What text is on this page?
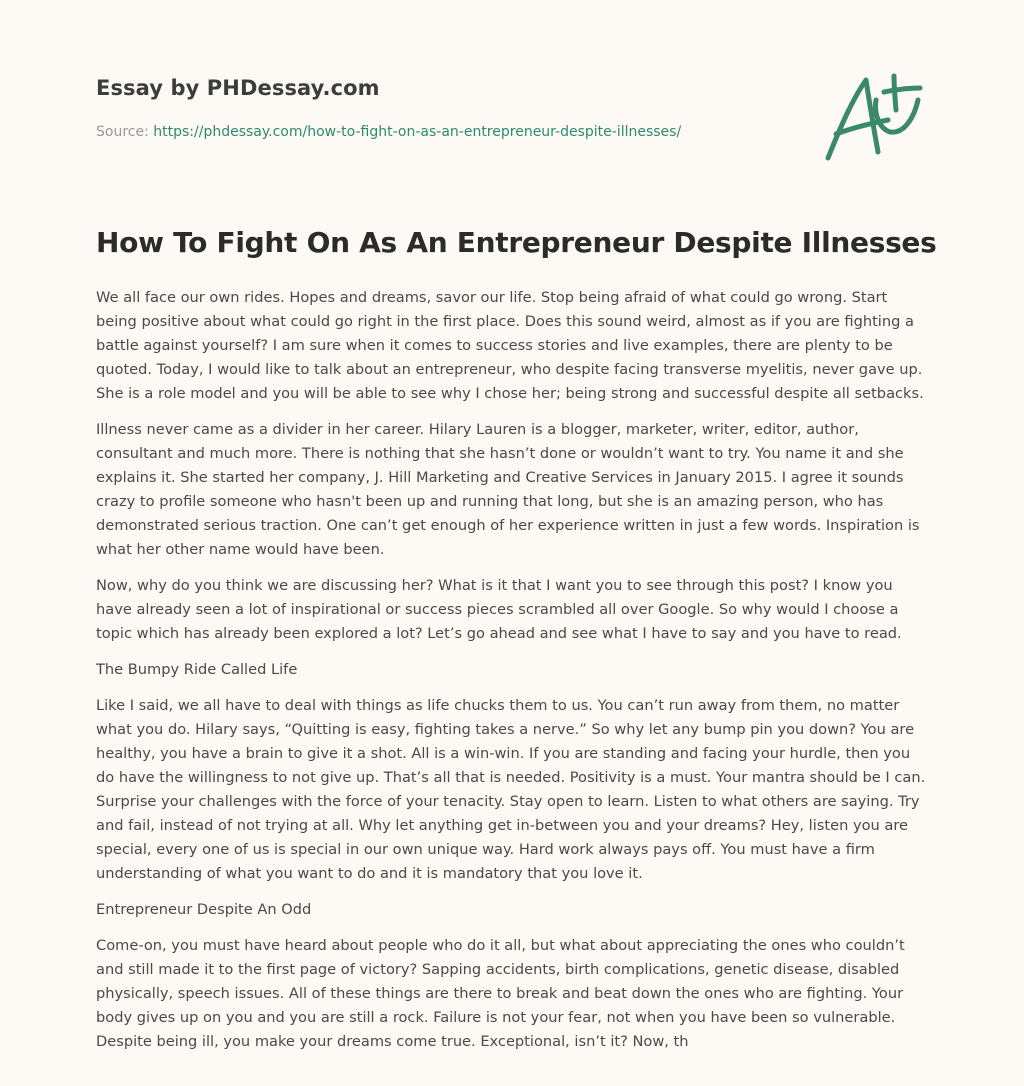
Essay by PHDessay.com
Source: https://phdessay.com/how-to-fight-on-as-an-entrepreneur-despite-illnesses/
How To Fight On As An Entrepreneur Despite Illnesses

We all face our own rides. Hopes and dreams, savor our life. Stop being afraid of what could go wrong. Start being positive about what could go right in the first place. Does this sound weird, almost as if you are fighting a battle against yourself? I am sure when it comes to success stories and live examples, there are plenty to be quoted. Today, I would like to talk about an entrepreneur, who despite facing transverse myelitis, never gave up. She is a role model and you will be able to see why I chose her; being strong and successful despite all setbacks.

Illness never came as a divider in her career. Hilary Lauren is a blogger, marketer, writer, editor, author, consultant and much more. There is nothing that she hasn’t done or wouldn’t want to try. You name it and she explains it. She started her company, J. Hill Marketing and Creative Services in January 2015. I agree it sounds crazy to profile someone who hasn't been up and running that long, but she is an amazing person, who has demonstrated serious traction. One can’t get enough of her experience written in just a few words. Inspiration is what her other name would have been.

Now, why do you think we are discussing her? What is it that I want you to see through this post? I know you have already seen a lot of inspirational or success pieces scrambled all over Google. So why would I choose a topic which has already been explored a lot? Let’s go ahead and see what I have to say and you have to read.

The Bumpy Ride Called Life

Like I said, we all have to deal with things as life chucks them to us. You can’t run away from them, no matter what you do. Hilary says, “Quitting is easy, fighting takes a nerve.” So why let any bump pin you down? You are healthy, you have a brain to give it a shot. All is a win-win. If you are standing and facing your hurdle, then you do have the willingness to not give up. That’s all that is needed. Positivity is a must. Your mantra should be I can. Surprise your challenges with the force of your tenacity. Stay open to learn. Listen to what others are saying. Try and fail, instead of not trying at all. Why let anything get in-between you and your dreams? Hey, listen you are special, every one of us is special in our own unique way. Hard work always pays off. You must have a firm understanding of what you want to do and it is mandatory that you love it.

Entrepreneur Despite An Odd

Come-on, you must have heard about people who do it all, but what about appreciating the ones who couldn’t and still made it to the first page of victory? Sapping accidents, birth complications, genetic disease, disabled physically, speech issues. All of these things are there to break and beat down the ones who are fighting. Your body gives up on you and you are still a rock. Failure is not your fear, not when you have been so vulnerable. Despite being ill, you make your dreams come true. Exceptional, isn’t it? Now, th
